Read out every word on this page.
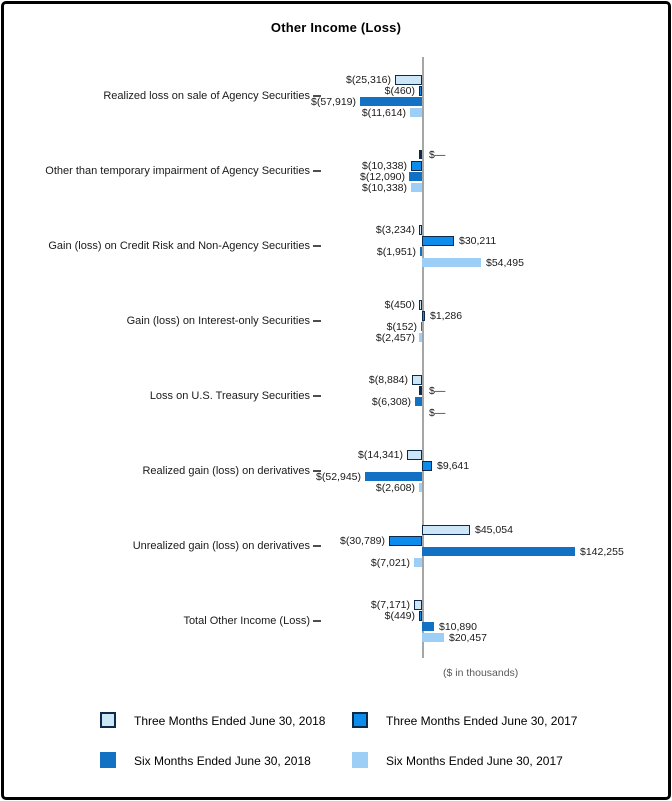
Other Income (Loss)
Realized loss on sale of Agency Securities
$(25,316)
$(460)
$(57,919)
$(11,614)
Other than temporary impairment of Agency Securities
$—
$(10,338)
$(12,090)
$(10,338)
Gain (loss) on Credit Risk and Non-Agency Securities
$(3,234)
$30,211
$(1,951)
$54,495
Gain (loss) on Interest-only Securities
$(450)
$1,286
$(152)
$(2,457)
Loss on U.S. Treasury Securities
$(8,884)
$—
$(6,308)
$—
Realized gain (loss) on derivatives
$(14,341)
$9,641
$(52,945)
$(2,608)
Unrealized gain (loss) on derivatives
$45,054
$(30,789)
$142,255
$(7,021)
Total Other Income (Loss)
$(7,171)
$(449)
$10,890
$20,457
($ in thousands)
Three Months Ended June 30, 2018	Three Months Ended June 30, 2017
Six Months Ended June 30, 2018	Six Months Ended June 30, 2017
